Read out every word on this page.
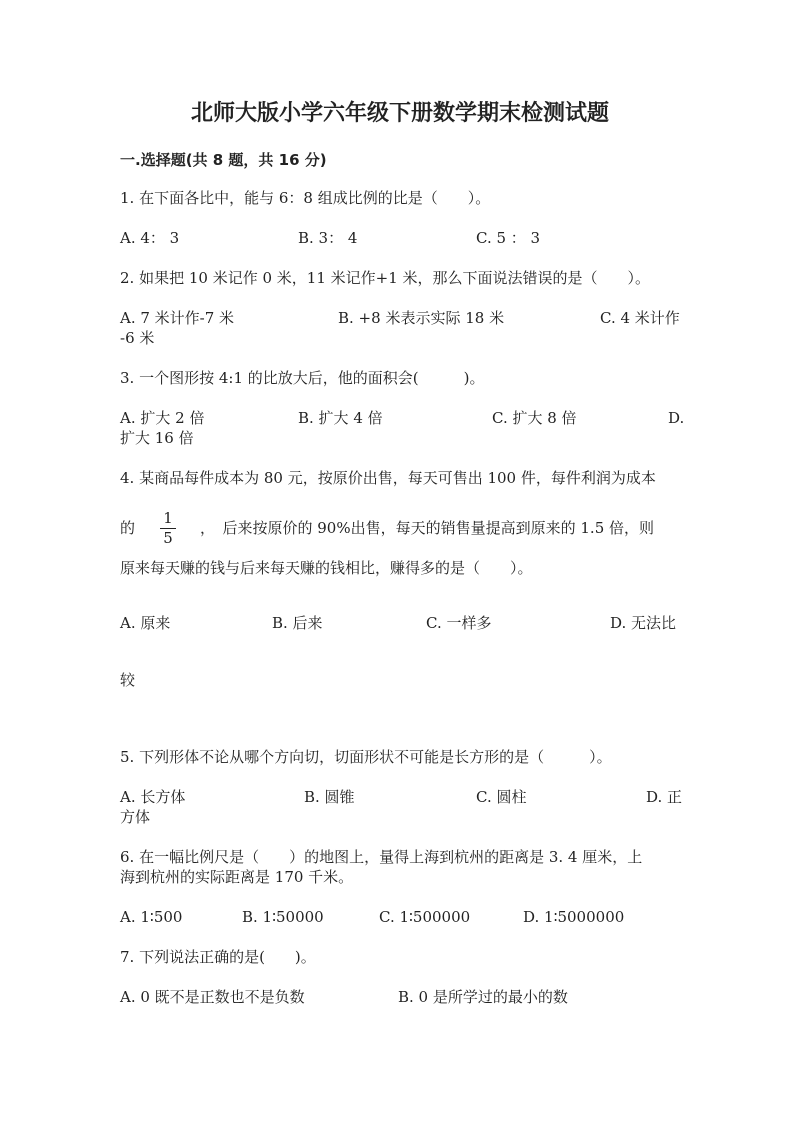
北师大版小学六年级下册数学期末检测试题
一.选择题(共 8 题，共 16 分)
1. 在下面各比中，能与 6：8 组成比例的比是（　　）。
A. 4： 3	B. 3： 4	C. 5 ： 3
2. 如果把 10 米记作 0 米，11 米记作+1 米，那么下面说法错误的是（　　）。
A. 7 米计作-7 米	B. +8 米表示实际 18 米	C. 4 米计作
-6 米
3. 一个图形按 4:1 的比放大后，他的面积会(　　　)。
A. 扩大 2 倍	B. 扩大 4 倍	C. 扩大 8 倍	D.
扩大 16 倍
4. 某商品每件成本为 80 元，按原价出售，每天可售出 100 件，每件利润为成本
的
1
5
，　后来按原价的 90%出售，每天的销售量提高到原来的 1.5 倍，则
原来每天赚的钱与后来每天赚的钱相比，赚得多的是（　　）。
A. 原来	B. 后来	C. 一样多	D. 无法比
较
5. 下列形体不论从哪个方向切，切面形状不可能是长方形的是（　　　）。
A. 长方体	B. 圆锥	C. 圆柱	D. 正
方体
6. 在一幅比例尺是（　　）的地图上，量得上海到杭州的距离是 3. 4 厘米，上
海到杭州的实际距离是 170 千米。
A. 1∶500	B. 1∶50000	C. 1∶500000	D. 1∶5000000
7. 下列说法正确的是(　　)。
A. 0 既不是正数也不是负数	B. 0 是所学过的最小的数
